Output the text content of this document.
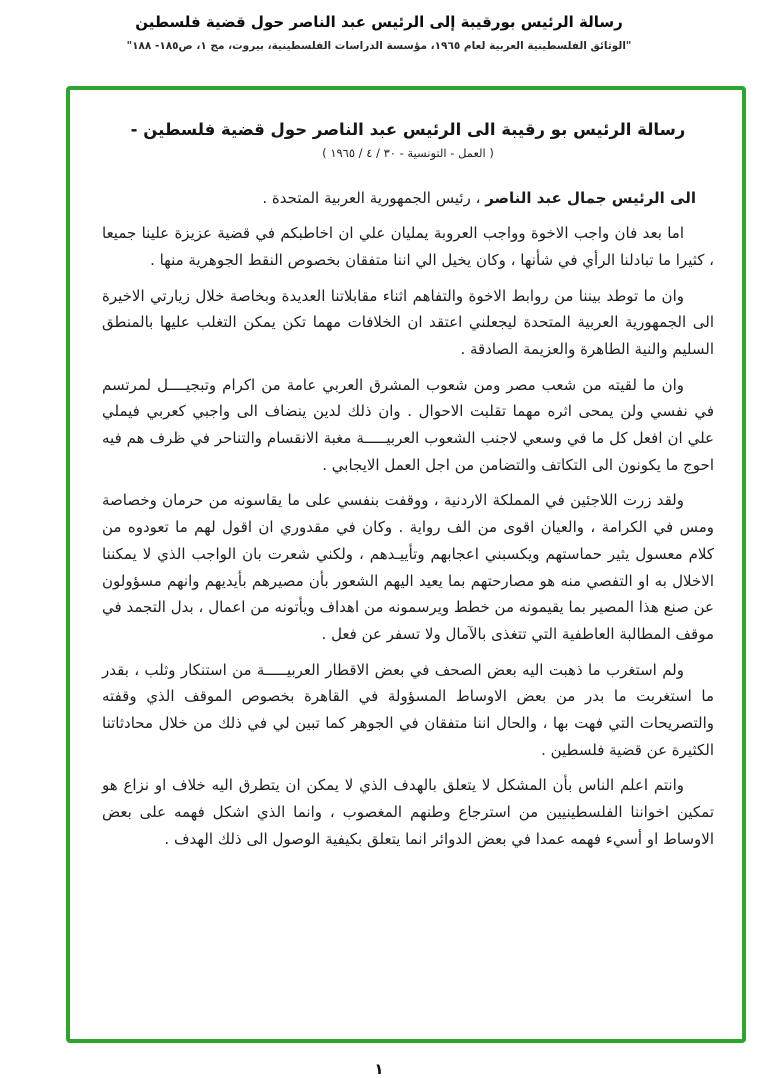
رسالة الرئيس بورقيبة إلى الرئيس عبد الناصر حول قضية فلسطين
"الوثائق الفلسطينية العربية لعام ١٩٦٥، مؤسسة الدراسات الفلسطينية، بيروت، مج ١، ص١٨٥- ١٨٨"
رسالة الرئيس بو رقيبة الى الرئيس عبد الناصر حول قضية فلسطين -
( العمل - التونسية - ٣٠ / ٤ / ١٩٦٥ )

الى الرئيس جمال عبد الناصر ، رئيس الجمهورية العربية المتحدة .

اما بعد فان واجب الاخوة وواجب العروبة يمليان علي ان اخاطبكم في قضية عزيزة علينا جميعا ، كثيرا ما تبادلنا الرأي في شأنها ، وكان يخيل الي اننا متفقان بخصوص النقط الجوهرية منها .

وان ما توطد بيننا من روابط الاخوة والتفاهم اثناء مقابلاتنا العديدة وبخاصة خلال زيارتي الاخيرة الى الجمهورية العربية المتحدة ليجعلني اعتقد ان الخلافات مهما تكن يمكن التغلب عليها بالمنطق السليم والنية الطاهرة والعزيمة الصادقة .

وان ما لقيته من شعب مصر ومن شعوب المشرق العربي عامة من اكرام وتبجيــــل لمرتسم في نفسي ولن يمحى اثره مهما تقلبت الاحوال . وان ذلك لدين ينضاف الى واجبي كعربي فيملي علي ان افعل كل ما في وسعي لاجنب الشعوب العربيـــــة مغبة الانقسام والتناحر في ظرف هم فيه احوج ما يكونون الى التكاتف والتضامن من اجل العمل الايجابي .

ولقد زرت اللاجئين في المملكة الاردنية ، ووقفت بنفسي على ما يقاسونه من حرمان وخصاصة ومس في الكرامة ، والعيان اقوى من الف رواية . وكان في مقدوري ان اقول لهم ما تعودوه من كلام معسول يثير حماستهم ويكسبني اعجابهم وتأييـدهم ، ولكني شعرت بان الواجب الذي لا يمكننا الاخلال به او التفصي منه هو مصارحتهم بما يعيد اليهم الشعور بأن مصيرهم بأيديهم وانهم مسؤولون عن صنع هذا المصير بما يقيمونه من خطط ويرسمونه من اهداف ويأتونه من اعمال ، بدل التجمد في موقف المطالبة العاطفية التي تتغذى بالآمال ولا تسفر عن فعل .

ولم استغرب ما ذهبت اليه بعض الصحف في بعض الاقطار العربيـــــة من استنكار وثلب ، بقدر ما استغربت ما بدر من بعض الاوساط المسؤولة في القاهرة بخصوص الموقف الذي وقفته والتصريحات التي فهت بها ، والحال اننا متفقان في الجوهر كما تبين لي في ذلك من خلال محادثاتنا الكثيرة عن قضية فلسطين .

وانتم اعلم الناس بأن المشكل لا يتعلق بالهدف الذي لا يمكن ان يتطرق اليه خلاف او نزاع هو تمكين اخواننا الفلسطينيين من استرجاع وطنهم المغصوب ، وانما الذي اشكل فهمه على بعض الاوساط او أسيء فهمه عمدا في بعض الدوائر انما يتعلق بكيفية الوصول الى ذلك الهدف .

١
